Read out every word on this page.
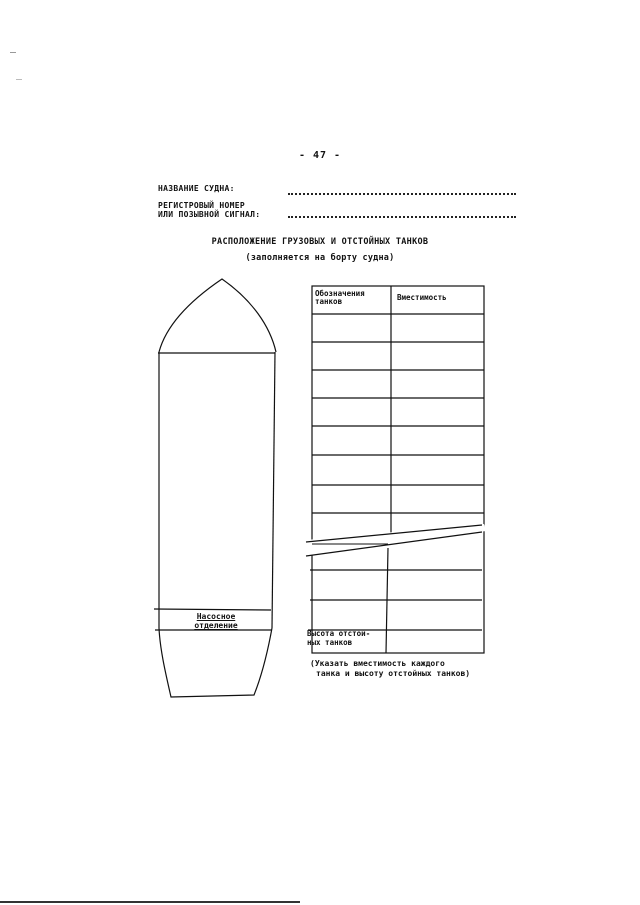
- 47 -
НАЗВАНИЕ СУДНА:
РЕГИСТРОВЫЙ НОМЕР
ИЛИ ПОЗЫВНОЙ СИГНАЛ:
РАСПОЛОЖЕНИЕ ГРУЗОВЫХ И ОТСТОЙНЫХ ТАНКОВ
(заполняется на борту судна)
Насосное
отделение
Обозначения
танков	Вместимость
Высота отстой-
ных танков
(Указать вместимость каждого
танка и высоту отстойных танков)
